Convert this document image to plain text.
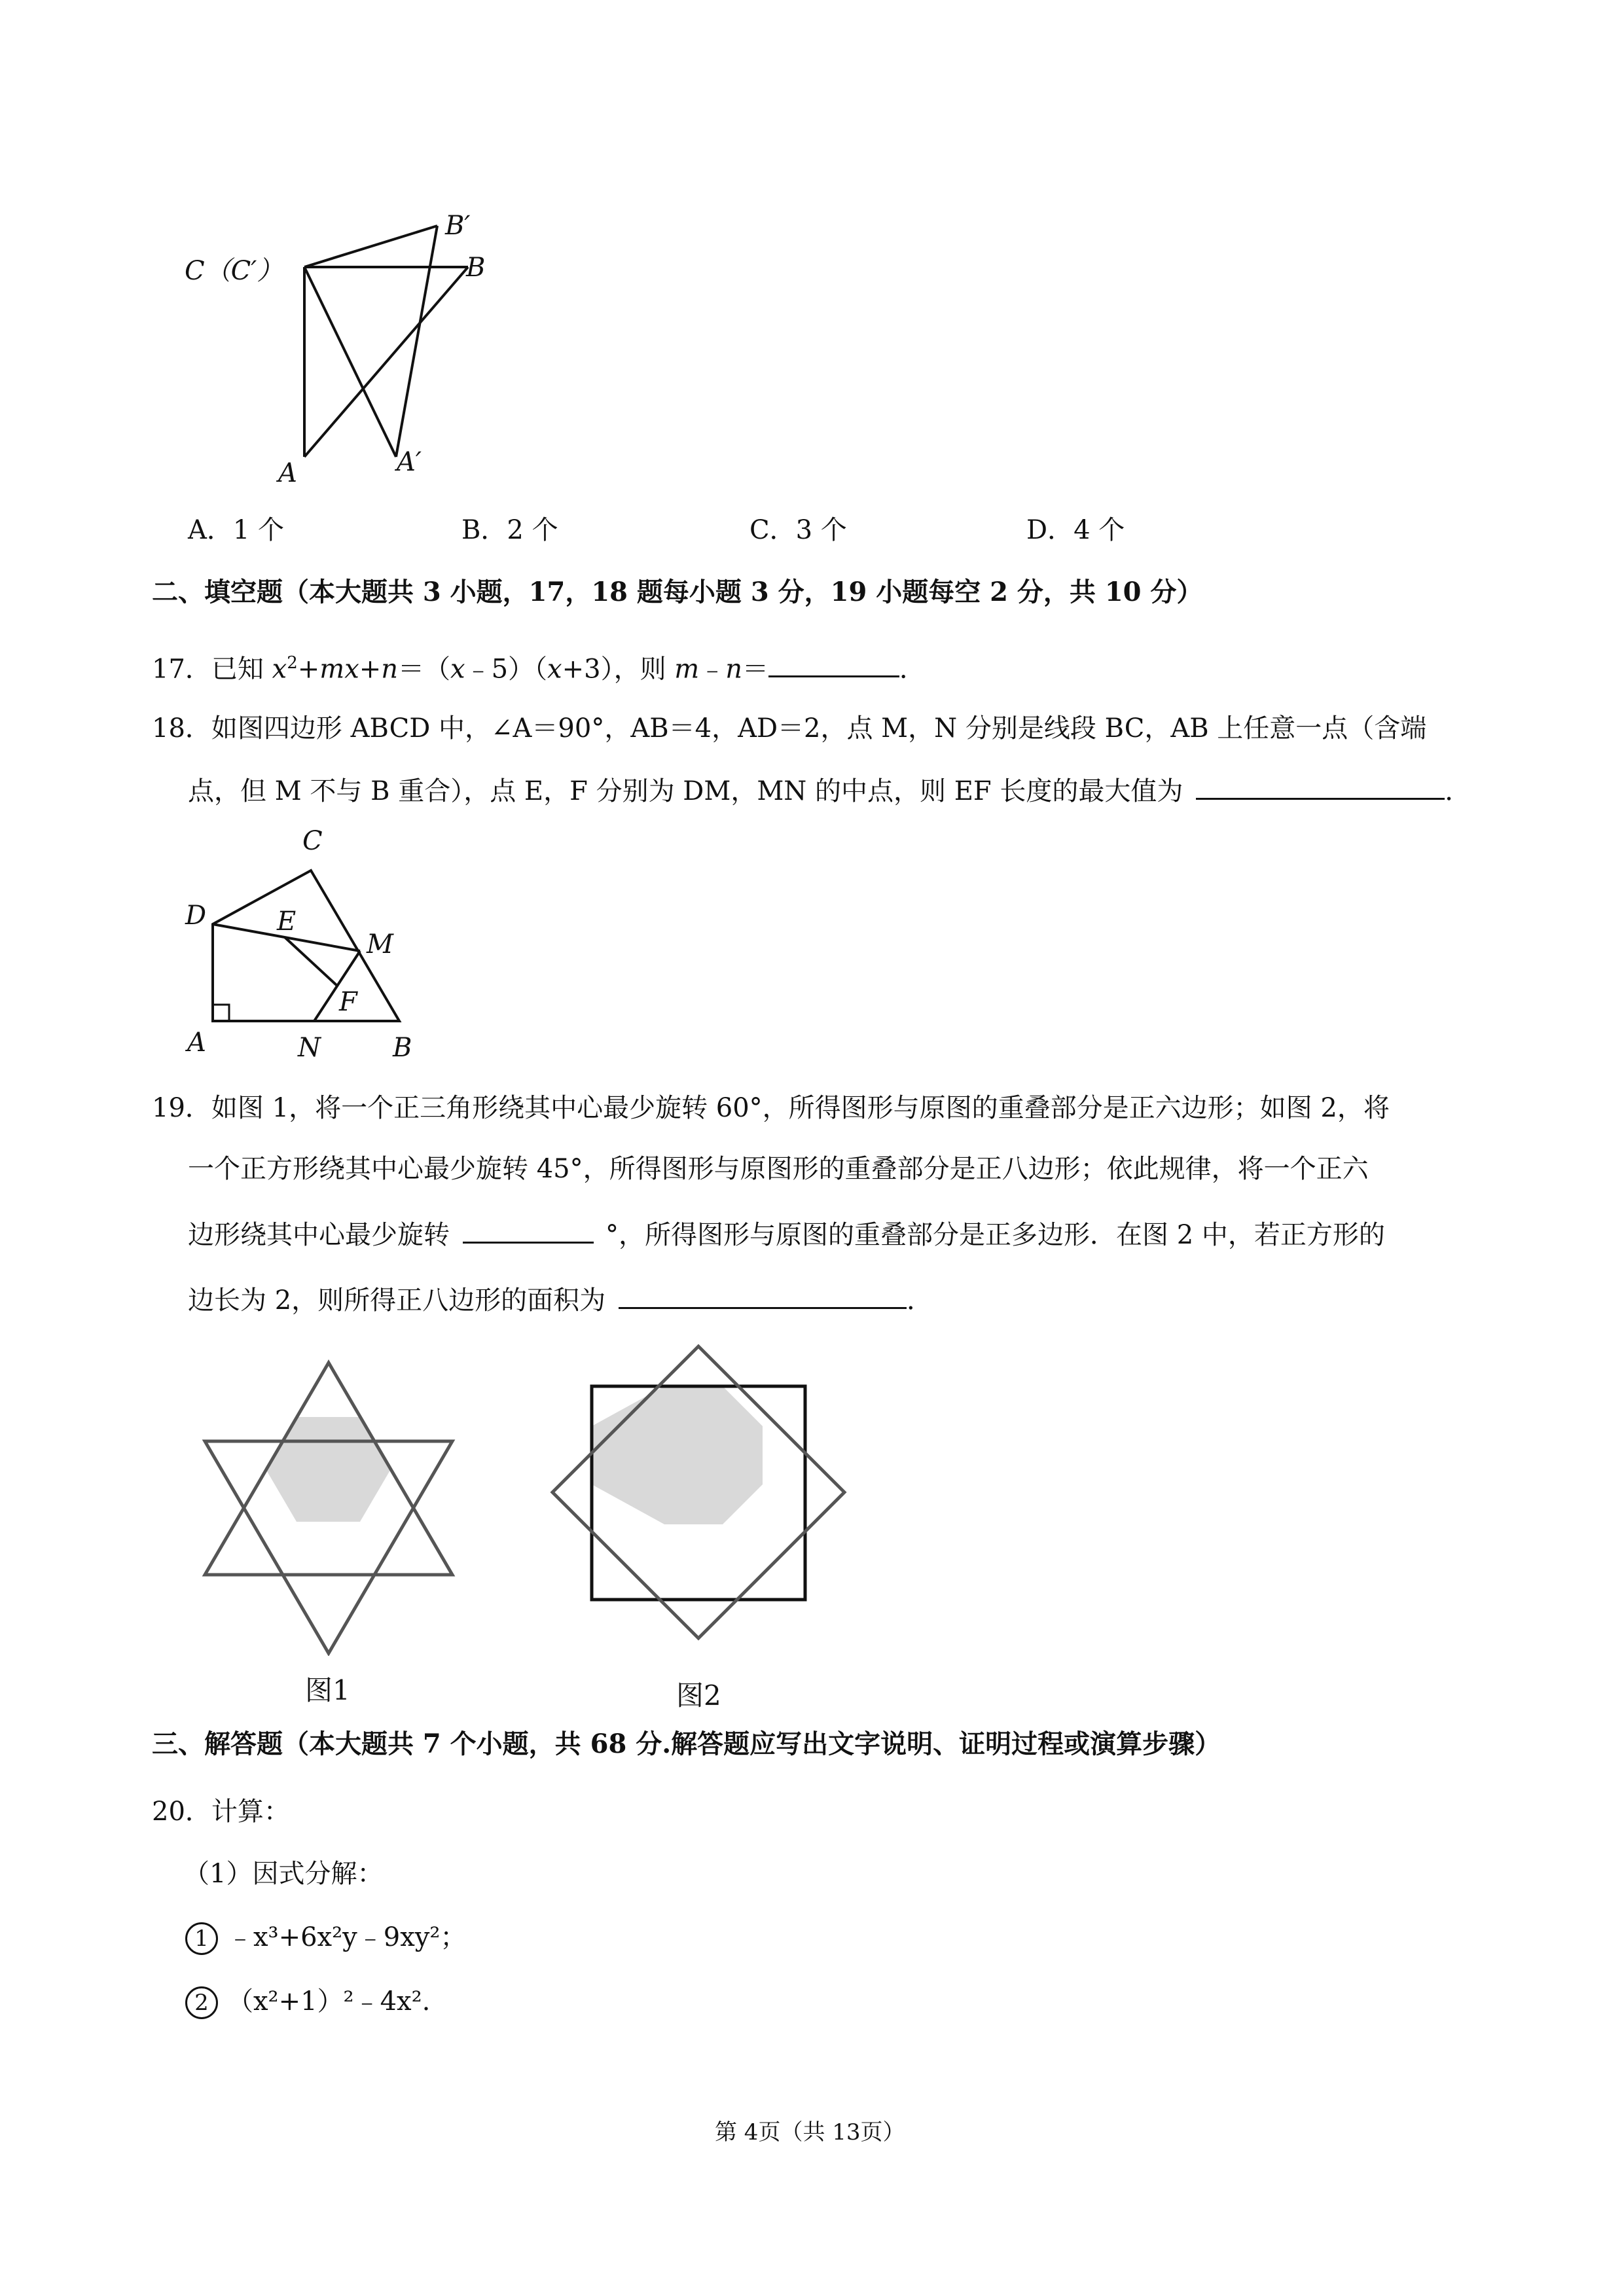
C（C′）
B′
B
A	A′
A．1 个	B．2 个	C．3 个	D．4 个
二、填空题（本大题共 3 小题，17，18 题每小题 3 分，19 小题每空 2 分，共 10 分）
17．已知 $x^2+mx+n=(x﹣5)(x+3)$，则 m﹣n＝	．
18．如图四边形 ABCD 中，∠A＝90°，AB＝4，AD＝2，点 M，N 分别是线段 BC，AB 上任意一点（含端
点，但 M 不与 B 重合），点 E，F 分别为 DM，MN 的中点，则 EF 长度的最大值为	．
C
D	E
M
F
A	N	B
19．如图 1，将一个正三角形绕其中心最少旋转 60°，所得图形与原图的重叠部分是正六边形；如图 2，将
一个正方形绕其中心最少旋转 45°，所得图形与原图形的重叠部分是正八边形；依此规律，将一个正六
边形绕其中心最少旋转	°，所得图形与原图的重叠部分是正多边形．在图 2 中，若正方形的
边长为 2，则所得正八边形的面积为	．
图1	图2
三、解答题（本大题共 7 个小题，共 68 分.解答题应写出文字说明、证明过程或演算步骤）
20．计算：
（1）因式分解：
1 ﹣x³+6x²y﹣9xy²；
2 （x²+1）²﹣4x².
第 4页（共 13页）
